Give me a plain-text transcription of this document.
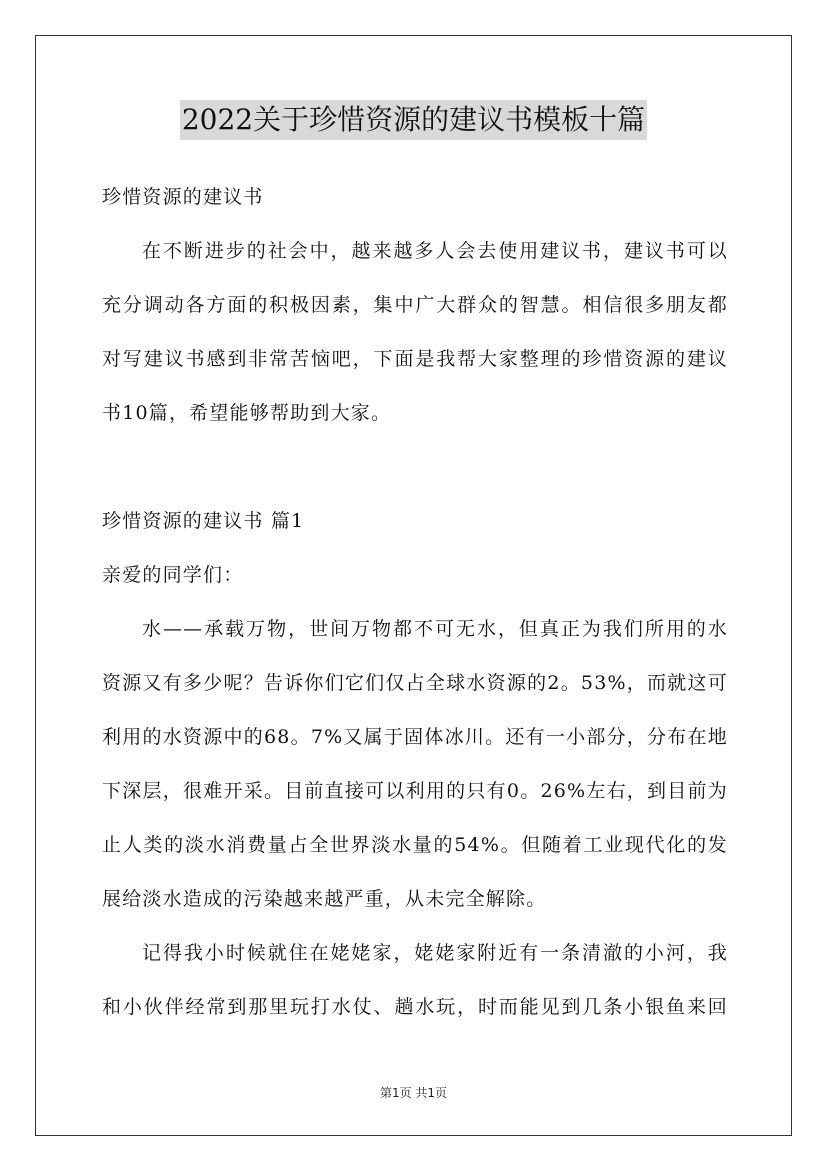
2022关于珍惜资源的建议书模板十篇
珍惜资源的建议书
在不断进步的社会中，越来越多人会去使用建议书，建议书可以
充分调动各方面的积极因素，集中广大群众的智慧。相信很多朋友都
对写建议书感到非常苦恼吧，下面是我帮大家整理的珍惜资源的建议
书10篇，希望能够帮助到大家。
珍惜资源的建议书 篇1
亲爱的同学们：
水——承载万物，世间万物都不可无水，但真正为我们所用的水
资源又有多少呢？告诉你们它们仅占全球水资源的2。53%，而就这可
利用的水资源中的68。7%又属于固体冰川。还有一小部分，分布在地
下深层，很难开采。目前直接可以利用的只有0。26%左右，到目前为
止人类的淡水消费量占全世界淡水量的54%。但随着工业现代化的发
展给淡水造成的污染越来越严重，从未完全解除。
记得我小时候就住在姥姥家，姥姥家附近有一条清澈的小河，我
和小伙伴经常到那里玩打水仗、趟水玩，时而能见到几条小银鱼来回
第1页 共1页
